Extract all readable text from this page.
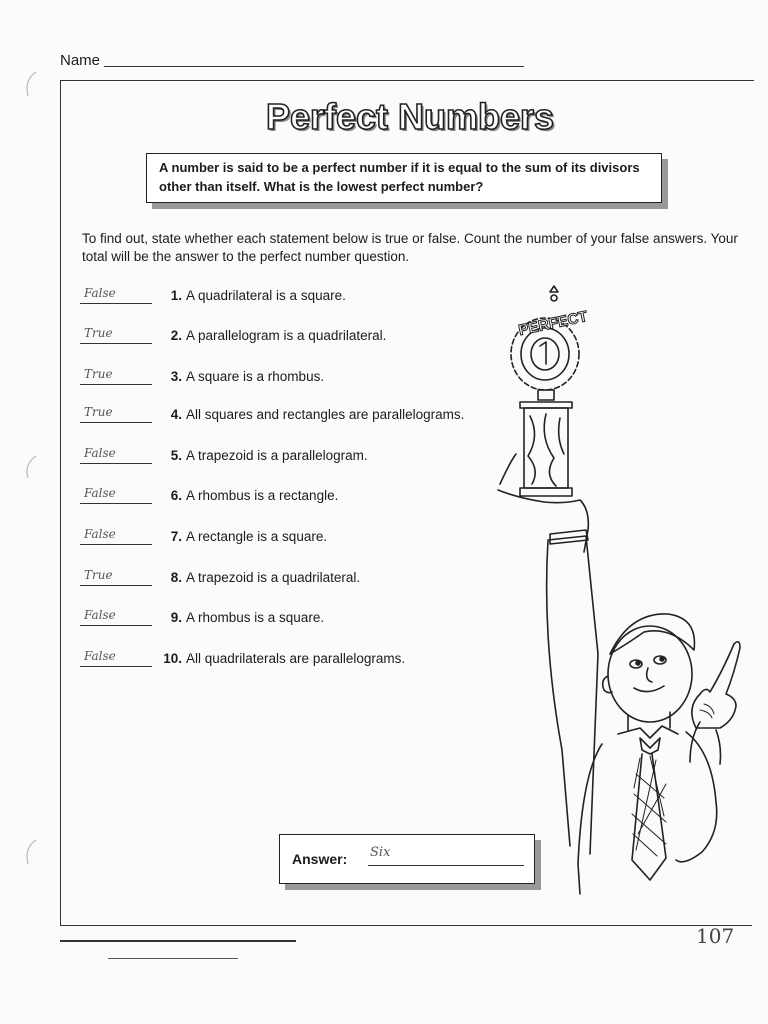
Name
Perfect Numbers
A number is said to be a perfect number if it is equal to the sum of its divisors other than itself. What is the lowest perfect number?
To find out, state whether each statement below is true or false. Count the number of your false answers. Your total will be the answer to the perfect number question.
False	1. A quadrilateral is a square.
True	2. A parallelogram is a quadrilateral.
True	3. A square is a rhombus.
True	4. All squares and rectangles are parallelograms.
False	5. A trapezoid is a parallelogram.
False	6. A rhombus is a rectangle.
False	7. A rectangle is a square.
True	8. A trapezoid is a quadrilateral.
False	9. A rhombus is a square.
False	10. All quadrilaterals are parallelograms.
PERFECT
Answer: Six
107
